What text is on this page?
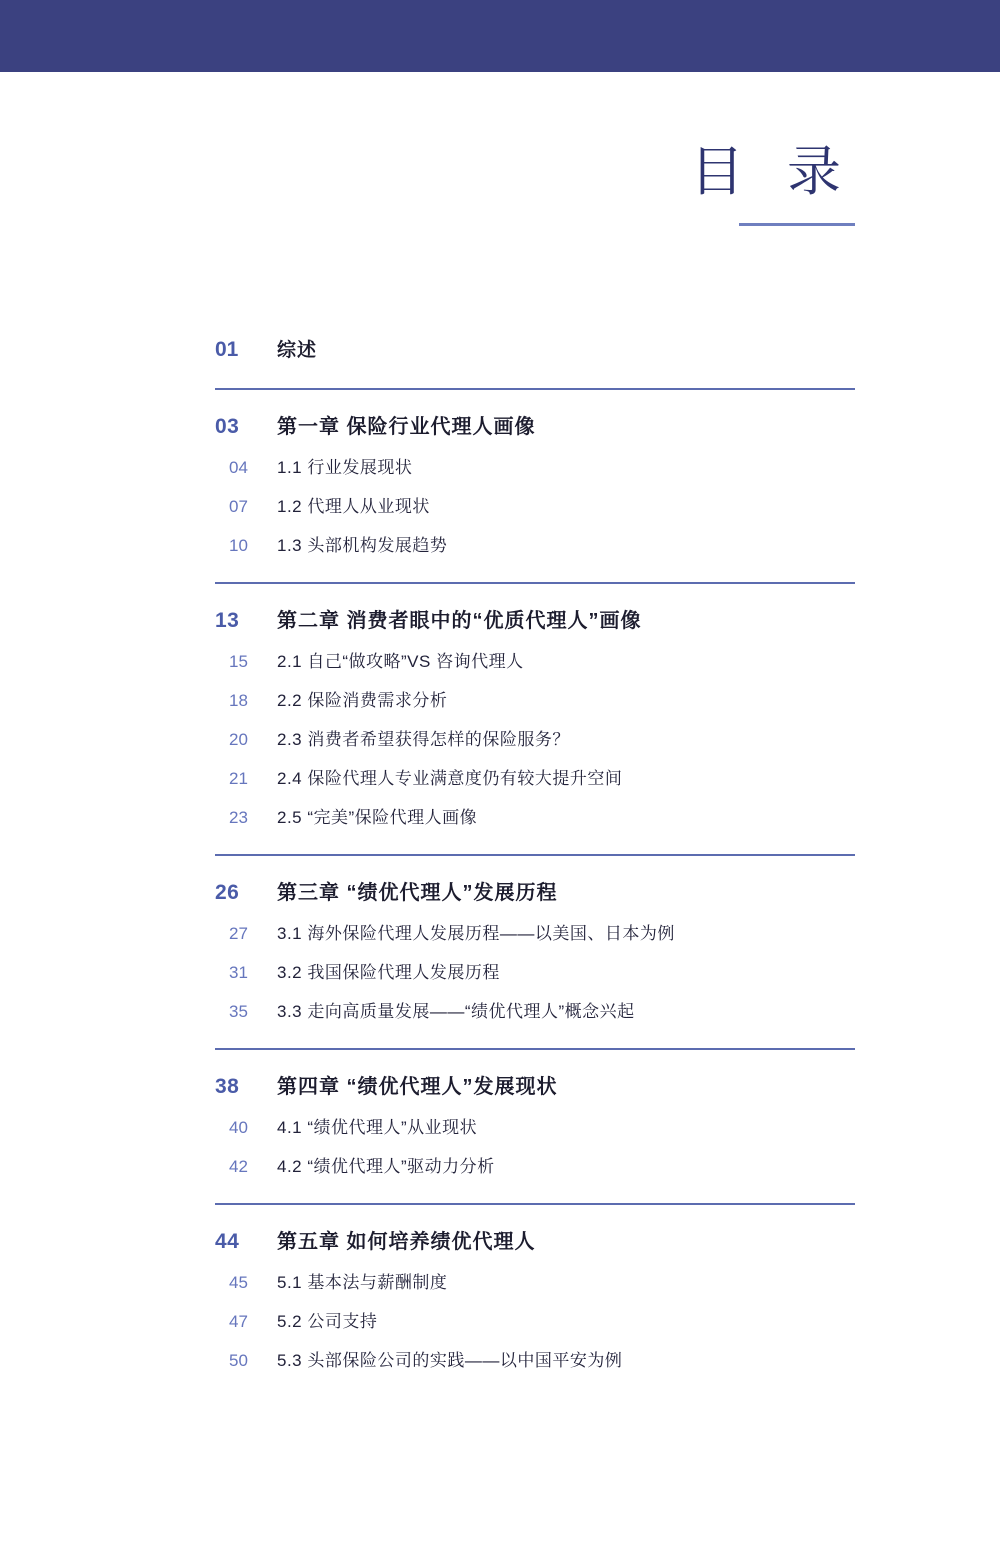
目 录
01	综述
03	第一章 保险行业代理人画像
04	1.1 行业发展现状
07	1.2 代理人从业现状
10	1.3 头部机构发展趋势
13	第二章 消费者眼中的“优质代理人”画像
15	2.1 自己“做攻略”VS 咨询代理人
18	2.2 保险消费需求分析
20	2.3 消费者希望获得怎样的保险服务？
21	2.4 保险代理人专业满意度仍有较大提升空间
23	2.5 “完美”保险代理人画像
26	第三章 “绩优代理人”发展历程
27	3.1 海外保险代理人发展历程——以美国、日本为例
31	3.2 我国保险代理人发展历程
35	3.3 走向高质量发展——“绩优代理人”概念兴起
38	第四章 “绩优代理人”发展现状
40	4.1 “绩优代理人”从业现状
42	4.2 “绩优代理人”驱动力分析
44	第五章 如何培养绩优代理人
45	5.1 基本法与薪酬制度
47	5.2 公司支持
50	5.3 头部保险公司的实践——以中国平安为例
